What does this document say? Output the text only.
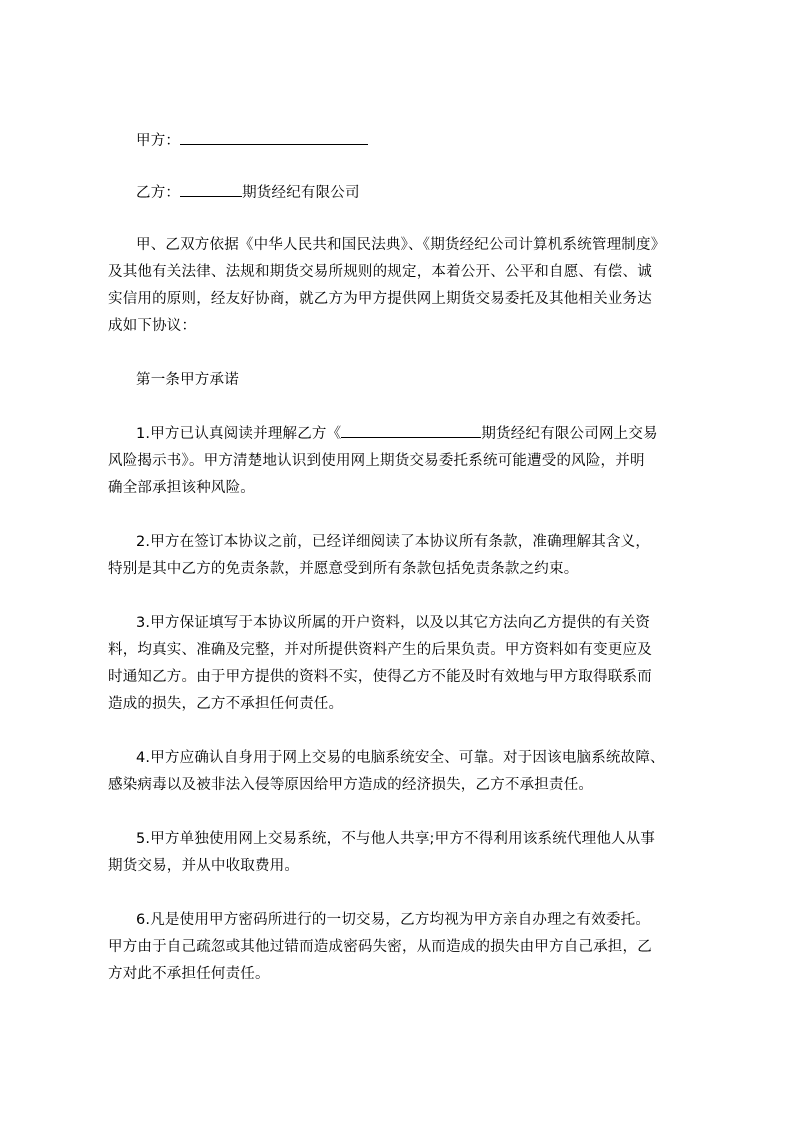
甲方：
乙方：	期货经纪有限公司
甲、乙双方依据《中华人民共和国民法典》、《期货经纪公司计算机系统管理制度》
及其他有关法律、法规和期货交易所规则的规定，本着公开、公平和自愿、有偿、诚
实信用的原则，经友好协商，就乙方为甲方提供网上期货交易委托及其他相关业务达
成如下协议：
第一条甲方承诺
1.甲方已认真阅读并理解乙方《	期货经纪有限公司网上交易
风险揭示书》。甲方清楚地认识到使用网上期货交易委托系统可能遭受的风险，并明
确全部承担该种风险。
2.甲方在签订本协议之前，已经详细阅读了本协议所有条款，准确理解其含义，
特别是其中乙方的免责条款，并愿意受到所有条款包括免责条款之约束。
3.甲方保证填写于本协议所属的开户资料，以及以其它方法向乙方提供的有关资
料，均真实、准确及完整，并对所提供资料产生的后果负责。甲方资料如有变更应及
时通知乙方。由于甲方提供的资料不实，使得乙方不能及时有效地与甲方取得联系而
造成的损失，乙方不承担任何责任。
4.甲方应确认自身用于网上交易的电脑系统安全、可靠。对于因该电脑系统故障、
感染病毒以及被非法入侵等原因给甲方造成的经济损失，乙方不承担责任。
5.甲方单独使用网上交易系统，不与他人共享;甲方不得利用该系统代理他人从事
期货交易，并从中收取费用。
6.凡是使用甲方密码所进行的一切交易，乙方均视为甲方亲自办理之有效委托。
甲方由于自己疏忽或其他过错而造成密码失密，从而造成的损失由甲方自己承担，乙
方对此不承担任何责任。
